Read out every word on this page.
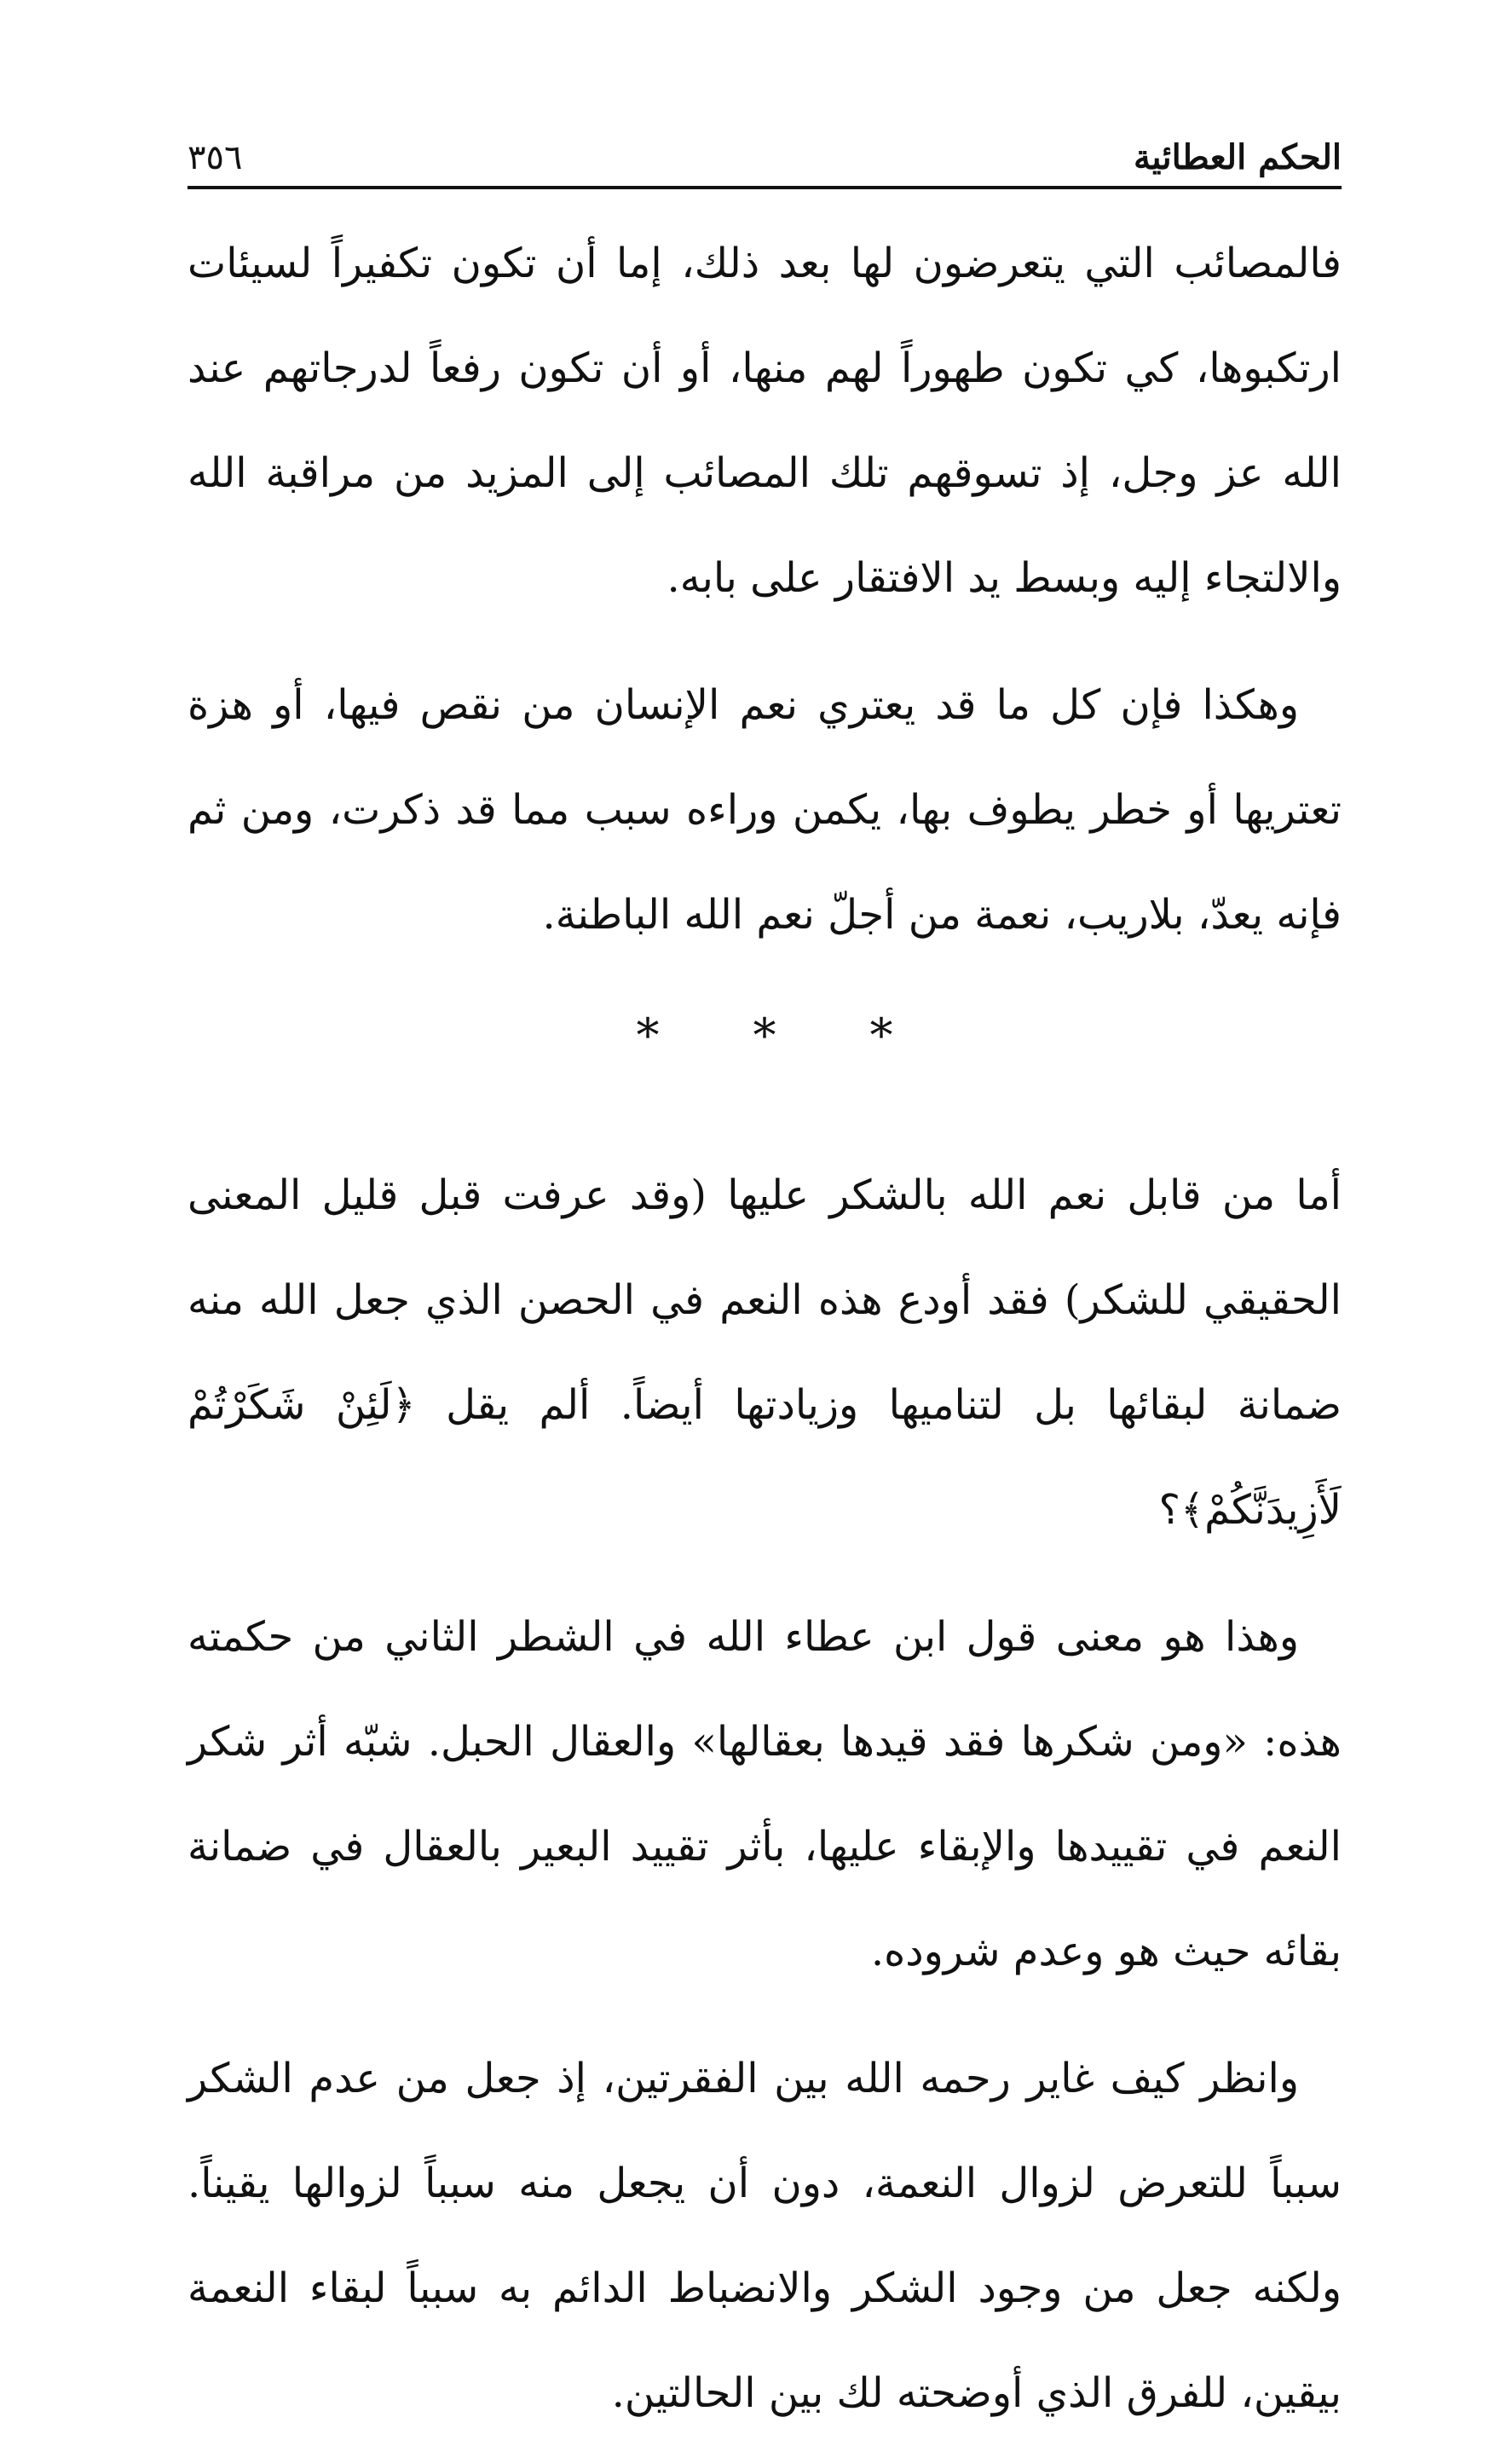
الحكم العطائية
٣٥٦

فالمصائب التي يتعرضون لها بعد ذلك، إما أن تكون تكفيراً لسيئات ارتكبوها، كي تكون طهوراً لهم منها، أو أن تكون رفعاً لدرجاتهم عند الله عز وجل، إذ تسوقهم تلك المصائب إلى المزيد من مراقبة الله والالتجاء إليه وبسط يد الافتقار على بابه.

وهكذا فإن كل ما قد يعتري نعم الإنسان من نقص فيها، أو هزة تعتريها أو خطر يطوف بها، يكمن وراءه سبب مما قد ذكرت، ومن ثم فإنه يعدّ، بلاريب، نعمة من أجلّ نعم الله الباطنة.

*
*
*

أما من قابل نعم الله بالشكر عليها (وقد عرفت قبل قليل المعنى الحقيقي للشكر) فقد أودع هذه النعم في الحصن الذي جعل الله منه ضمانة لبقائها بل لتناميها وزيادتها أيضاً. ألم يقل ﴿لَئِنْ شَكَرْتُمْ لَأَزِيدَنَّكُمْ﴾؟

وهذا هو معنى قول ابن عطاء الله في الشطر الثاني من حكمته هذه: «ومن شكرها فقد قيدها بعقالها» والعقال الحبل. شبّه أثر شكر النعم في تقييدها والإبقاء عليها، بأثر تقييد البعير بالعقال في ضمانة بقائه حيث هو وعدم شروده.

وانظر كيف غاير رحمه الله بين الفقرتين، إذ جعل من عدم الشكر سبباً للتعرض لزوال النعمة، دون أن يجعل منه سبباً لزوالها يقيناً. ولكنه جعل من وجود الشكر والانضباط الدائم به سبباً لبقاء النعمة بيقين، للفرق الذي أوضحته لك بين الحالتين.
